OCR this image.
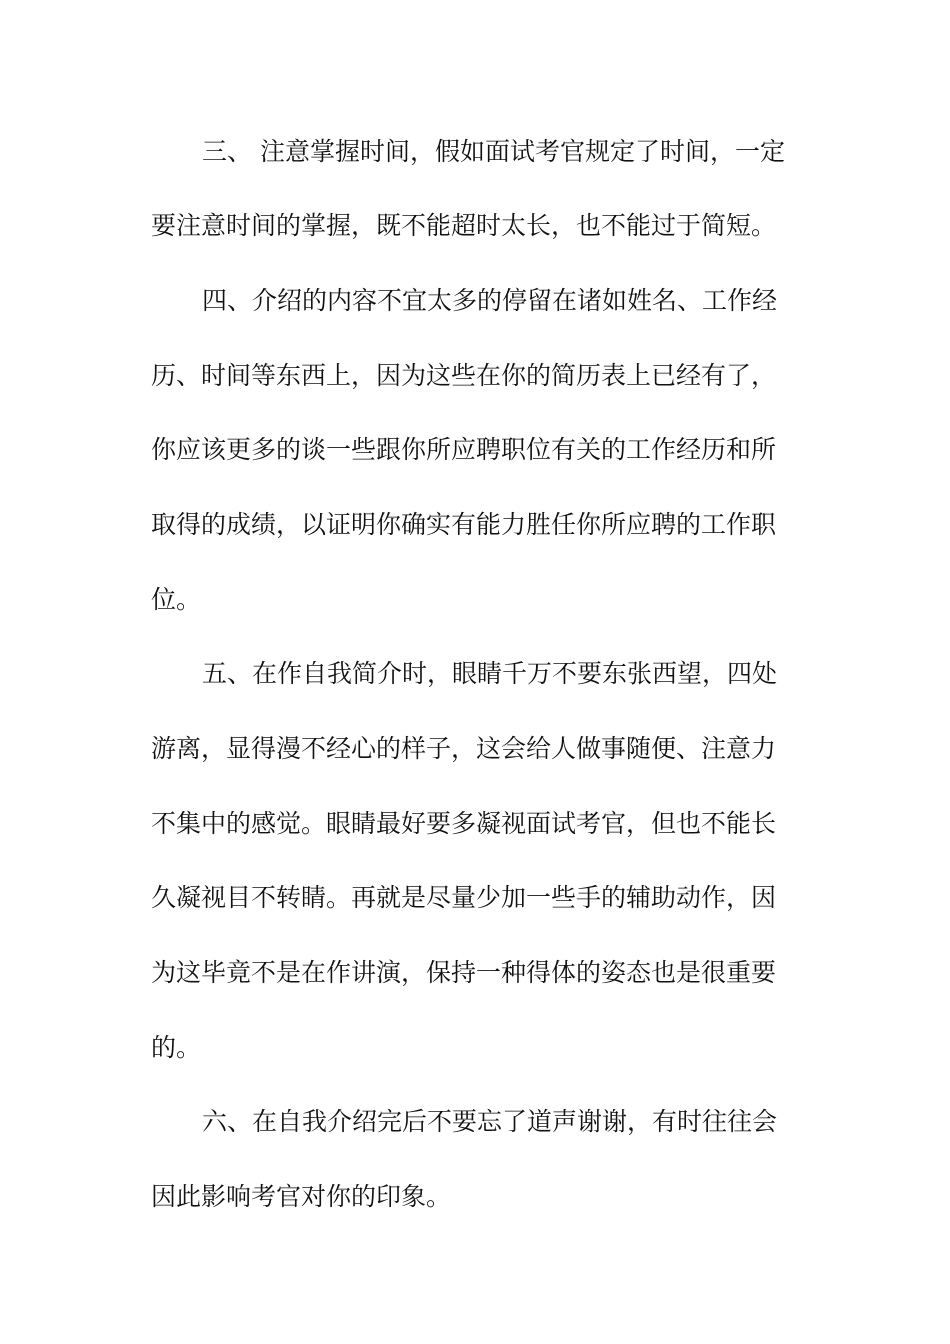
三、 注意掌握时间，假如面试考官规定了时间，一定

要注意时间的掌握，既不能超时太长，也不能过于简短。

四、介绍的内容不宜太多的停留在诸如姓名、工作经

历、时间等东西上，因为这些在你的简历表上已经有了，

你应该更多的谈一些跟你所应聘职位有关的工作经历和所

取得的成绩，以证明你确实有能力胜任你所应聘的工作职

位。

五、在作自我简介时，眼睛千万不要东张西望，四处

游离，显得漫不经心的样子，这会给人做事随便、注意力

不集中的感觉。眼睛最好要多凝视面试考官，但也不能长

久凝视目不转睛。再就是尽量少加一些手的辅助动作，因

为这毕竟不是在作讲演，保持一种得体的姿态也是很重要

的。

六、在自我介绍完后不要忘了道声谢谢，有时往往会

因此影响考官对你的印象。
